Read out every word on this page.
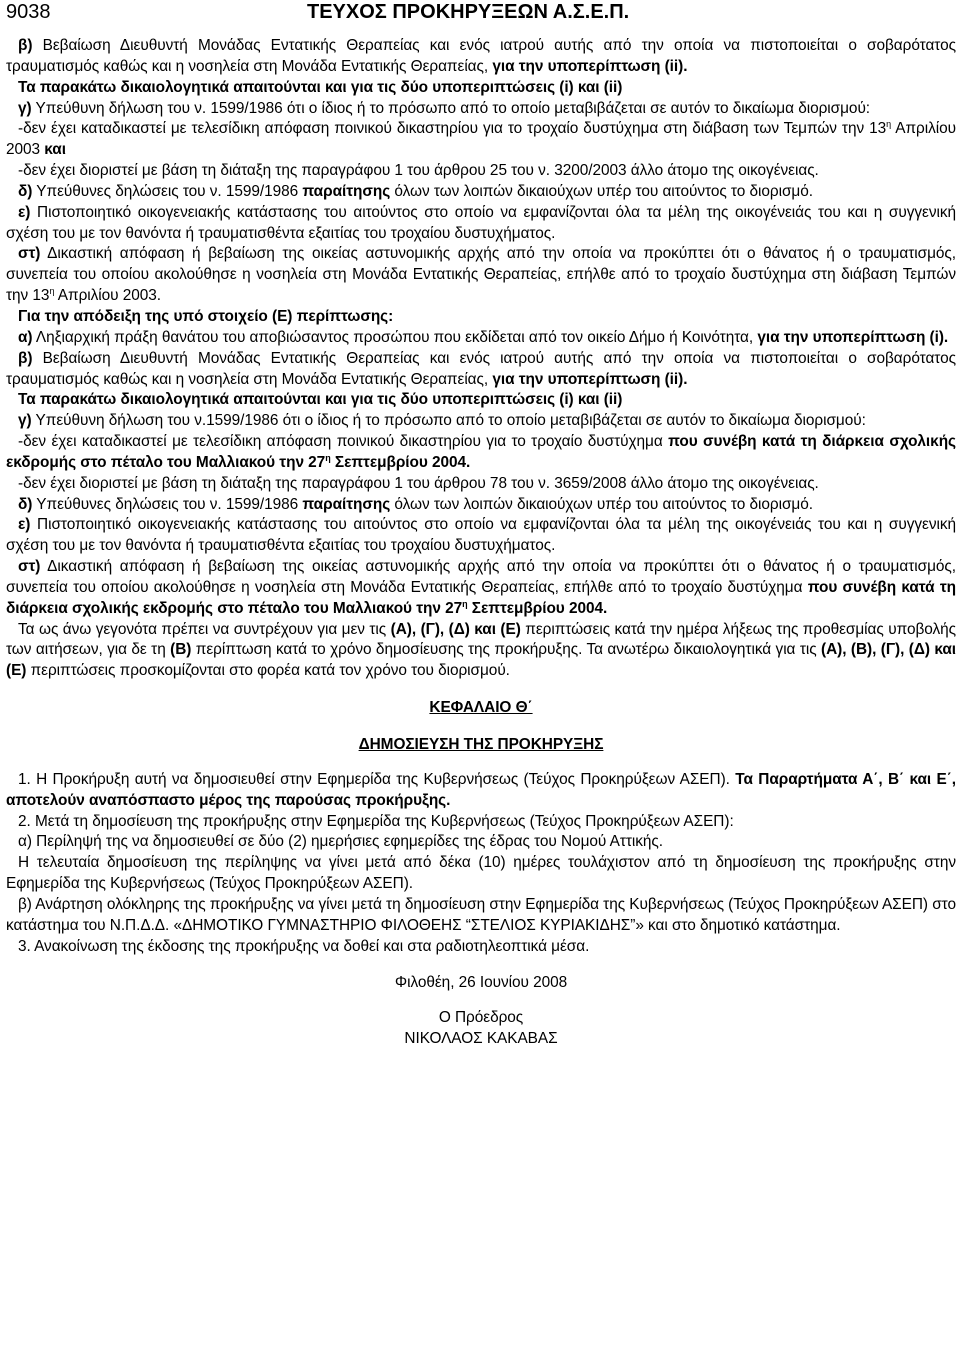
9038	ΤΕΥΧΟΣ ΠΡΟΚΗΡΥΞΕΩΝ Α.Σ.Ε.Π.

β) Βεβαίωση Διευθυντή Μονάδας Εντατικής Θεραπείας και ενός ιατρού αυτής από την οποία να πιστοποιείται ο σοβαρότατος τραυματισμός καθώς και η νοσηλεία στη Μονάδα Εντατικής Θεραπείας, για την υποπερίπτωση (ii).

Τα παρακάτω δικαιολογητικά απαιτούνται και για τις δύο υποπεριπτώσεις (i) και (ii)

γ) Υπεύθυνη δήλωση του ν. 1599/1986 ότι ο ίδιος ή το πρόσωπο από το οποίο μεταβιβάζεται σε αυτόν το δικαίωμα διορισμού:

-δεν έχει καταδικαστεί με τελεσίδικη απόφαση ποινικού δικαστηρίου για το τροχαίο δυστύχημα στη διάβαση των Τεμπών την $13^\eta$ Απριλίου 2003 και

-δεν έχει διοριστεί με βάση τη διάταξη της παραγράφου 1 του άρθρου 25 του ν. 3200/2003 άλλο άτομο της οικογένειας.

δ) Υπεύθυνες δηλώσεις του ν. 1599/1986 παραίτησης όλων των λοιπών δικαιούχων υπέρ του αιτούντος το διορισμό.

ε) Πιστοποιητικό οικογενειακής κατάστασης του αιτούντος στο οποίο να εμφανίζονται όλα τα μέλη της οικογένειάς του και η συγγενική σχέση του με τον θανόντα ή τραυματισθέντα εξαιτίας του τροχαίου δυστυχήματος.

στ) Δικαστική απόφαση ή βεβαίωση της οικείας αστυνομικής αρχής από την οποία να προκύπτει ότι ο θάνατος ή ο τραυματισμός, συνεπεία του οποίου ακολούθησε η νοσηλεία στη Μονάδα Εντατικής Θεραπείας, επήλθε από το τροχαίο δυστύχημα στη διάβαση Τεμπών την $13^\eta$ Απριλίου 2003.

Για την απόδειξη της υπό στοιχείο (Ε) περίπτωσης:

α) Ληξιαρχική πράξη θανάτου του αποβιώσαντος προσώπου που εκδίδεται από τον οικείο Δήμο ή Κοινότητα, για την υποπερίπτωση (i).

β) Βεβαίωση Διευθυντή Μονάδας Εντατικής Θεραπείας και ενός ιατρού αυτής από την οποία να πιστοποιείται ο σοβαρότατος τραυματισμός καθώς και η νοσηλεία στη Μονάδα Εντατικής Θεραπείας, για την υποπερίπτωση (ii).

Τα παρακάτω δικαιολογητικά απαιτούνται και για τις δύο υποπεριπτώσεις (i) και (ii)

γ) Υπεύθυνη δήλωση του ν.1599/1986 ότι ο ίδιος ή το πρόσωπο από το οποίο μεταβιβάζεται σε αυτόν το δικαίωμα διορισμού:

-δεν έχει καταδικαστεί με τελεσίδικη απόφαση ποινικού δικαστηρίου για το τροχαίο δυστύχημα που συνέβη κατά τη διάρκεια σχολικής εκδρομής στο πέταλο του Μαλλιακού την $27^\eta$ Σεπτεμβρίου 2004.

-δεν έχει διοριστεί με βάση τη διάταξη της παραγράφου 1 του άρθρου 78 του ν. 3659/2008 άλλο άτομο της οικογένειας.

δ) Υπεύθυνες δηλώσεις του ν. 1599/1986 παραίτησης όλων των λοιπών δικαιούχων υπέρ του αιτούντος το διορισμό.

ε) Πιστοποιητικό οικογενειακής κατάστασης του αιτούντος στο οποίο να εμφανίζονται όλα τα μέλη της οικογένειάς του και η συγγενική σχέση του με τον θανόντα ή τραυματισθέντα εξαιτίας του τροχαίου δυστυχήματος.

στ) Δικαστική απόφαση ή βεβαίωση της οικείας αστυνομικής αρχής από την οποία να προκύπτει ότι ο θάνατος ή ο τραυματισμός, συνεπεία του οποίου ακολούθησε η νοσηλεία στη Μονάδα Εντατικής Θεραπείας, επήλθε από το τροχαίο δυστύχημα που συνέβη κατά τη διάρκεια σχολικής εκδρομής στο πέταλο του Μαλλιακού την $27^\eta$ Σεπτεμβρίου 2004.

Τα ως άνω γεγονότα πρέπει να συντρέχουν για μεν τις (Α), (Γ), (Δ) και (Ε) περιπτώσεις κατά την ημέρα λήξεως της προθεσμίας υποβολής των αιτήσεων, για δε τη (Β) περίπτωση κατά το χρόνο δημοσίευσης της προκήρυξης. Τα ανωτέρω δικαιολογητικά για τις (Α), (Β), (Γ), (Δ) και (Ε) περιπτώσεις προσκομίζονται στο φορέα κατά τον χρόνο του διορισμού.

ΚΕΦΑΛΑΙΟ Θ΄

ΔΗΜΟΣΙΕΥΣΗ ΤΗΣ ΠΡΟΚΗΡΥΞΗΣ

1. Η Προκήρυξη αυτή να δημοσιευθεί στην Εφημερίδα της Κυβερνήσεως (Τεύχος Προκηρύξεων ΑΣΕΠ). Τα Παραρτήματα Α΄, Β΄ και Ε΄, αποτελούν αναπόσπαστο μέρος της παρούσας προκήρυξης.

2. Μετά τη δημοσίευση της προκήρυξης στην Εφημερίδα της Κυβερνήσεως (Τεύχος Προκηρύξεων ΑΣΕΠ):

α) Περίληψή της να δημοσιευθεί σε δύο (2) ημερήσιες εφημερίδες της έδρας του Νομού Αττικής.

Η τελευταία δημοσίευση της περίληψης να γίνει μετά από δέκα (10) ημέρες τουλάχιστον από τη δημοσίευση της προκήρυξης στην Εφημερίδα της Κυβερνήσεως (Τεύχος Προκηρύξεων ΑΣΕΠ).

β) Ανάρτηση ολόκληρης της προκήρυξης να γίνει μετά τη δημοσίευση στην Εφημερίδα της Κυβερνήσεως (Τεύχος Προκηρύξεων ΑΣΕΠ) στο κατάστημα του Ν.Π.Δ.Δ. «ΔΗΜΟΤΙΚΟ ΓΥΜΝΑΣΤΗΡΙΟ ΦΙΛΟΘΕΗΣ “ΣΤΕΛΙΟΣ ΚΥΡΙΑΚΙΔΗΣ”» και στο δημοτικό κατάστημα.

3. Ανακοίνωση της έκδοσης της προκήρυξης να δοθεί και στα ραδιοτηλεοπτικά μέσα.

Φιλοθέη, 26 Ιουνίου 2008

Ο Πρόεδρος

ΝΙΚΟΛΑΟΣ ΚΑΚΑΒΑΣ
